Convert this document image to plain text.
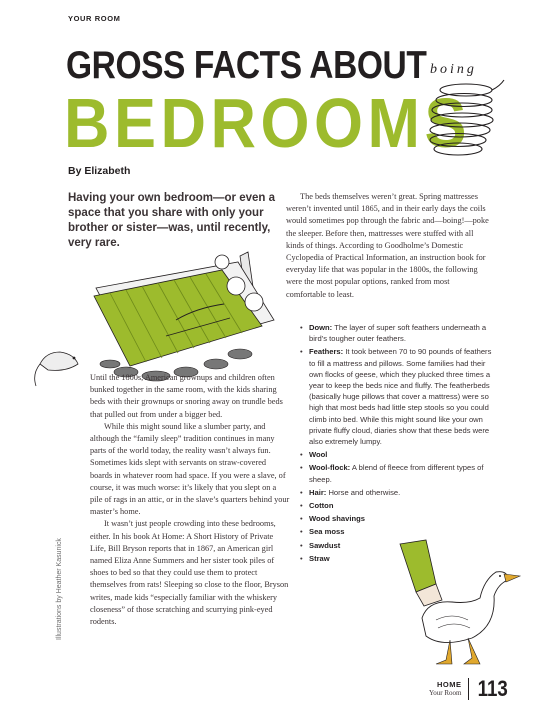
YOUR ROOM
GROSS FACTS ABOUT
BEDROOMS
boing
By Elizabeth
Having your own bedroom—or even a space that you share with only your brother or sister—was, until recently, very rare.

Until the 1800s, American grownups and children often bunked together in the same room, with the kids sharing beds with their grownups or snoring away on trundle beds that pulled out from under a bigger bed.

While this might sound like a slumber party, and although the “family sleep” tradition continues in many parts of the world today, the reality wasn’t always fun. Sometimes kids slept with servants on straw-covered boards in whatever room had space. If you were a slave, of course, it was much worse: it’s likely that you slept on a pile of rags in an attic, or in the slave’s quarters behind your master’s home.

It wasn’t just people crowding into these bedrooms, either. In his book At Home: A Short History of Private Life, Bill Bryson reports that in 1867, an American girl named Eliza Anne Summers and her sister took piles of shoes to bed so that they could use them to protect themselves from rats! Sleeping so close to the floor, Bryson writes, made kids “especially familiar with the whiskery closeness” of those scratching and scurrying pink-eyed rodents.

The beds themselves weren’t great. Spring mattresses weren’t invented until 1865, and in their early days the coils would sometimes pop through the fabric and—boing!—poke the sleeper. Before then, mattresses were stuffed with all kinds of things. According to Goodholme’s Domestic Cyclopedia of Practical Information, an instruction book for everyday life that was popular in the 1800s, the following were the most popular options, ranked from most comfortable to least.

• Down: The layer of super soft feathers underneath a bird’s tougher outer feathers.
• Feathers: It took between 70 to 90 pounds of feathers to fill a mattress and pillows. Some families had their own flocks of geese, which they plucked three times a year to keep the beds nice and fluffy. The featherbeds (basically huge pillows that cover a mattress) were so high that most beds had little step stools so you could climb into bed. While this might sound like your own private fluffy cloud, diaries show that these beds were also extremely lumpy.
• Wool
• Wool-flock: A blend of fleece from different types of sheep.
• Hair: Horse and otherwise.
• Cotton
• Wood shavings
• Sea moss
• Sawdust
• Straw
Illustrations by Heather Kasunick
HOME
Your Room 113
